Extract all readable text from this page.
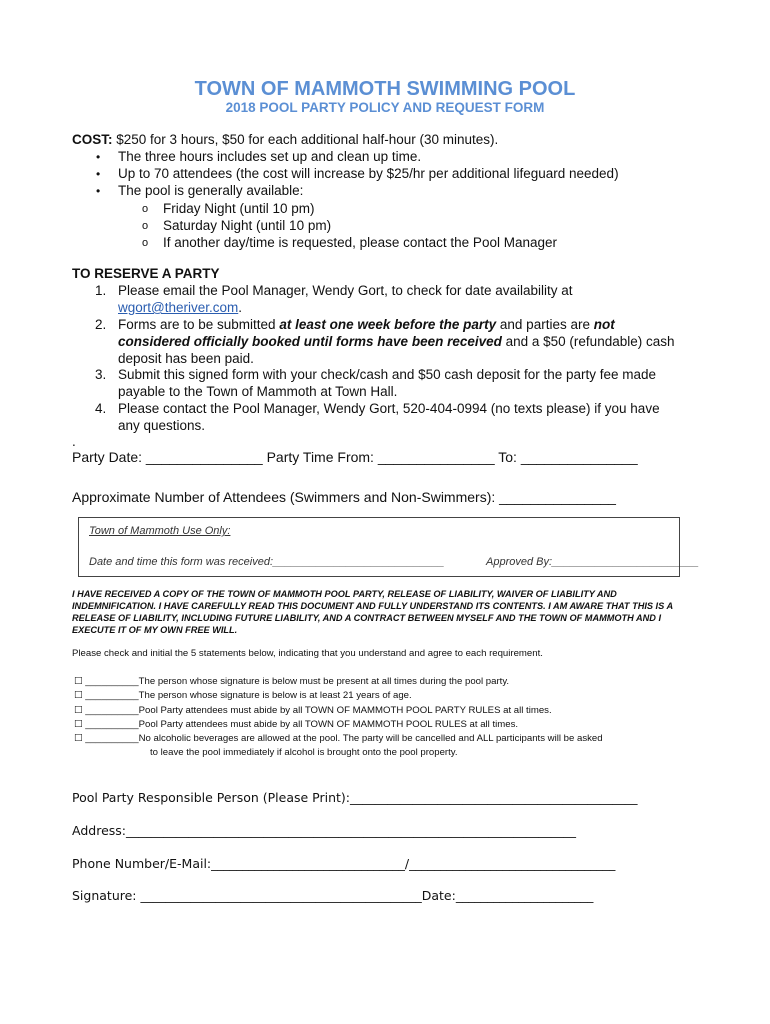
TOWN OF MAMMOTH SWIMMING POOL
2018 POOL PARTY POLICY AND REQUEST FORM
COST: $250 for 3 hours, $50 for each additional half-hour (30 minutes).
• The three hours includes set up and clean up time.
• Up to 70 attendees (the cost will increase by $25/hr per additional lifeguard needed)
• The pool is generally available:
o Friday Night (until 10 pm)
o Saturday Night (until 10 pm)
o If another day/time is requested, please contact the Pool Manager
TO RESERVE A PARTY
1. Please email the Pool Manager, Wendy Gort, to check for date availability at
wgort@theriver.com.
2. Forms are to be submitted at least one week before the party and parties are not
considered officially booked until forms have been received and a $50 (refundable) cash
deposit has been paid.
3. Submit this signed form with your check/cash and $50 cash deposit for the party fee made
payable to the Town of Mammoth at Town Hall.
4. Please contact the Pool Manager, Wendy Gort, 520-404-0994 (no texts please) if you have
any questions.
.
Party Date: _______________ Party Time From: _______________ To: _______________
Approximate Number of Attendees (Swimmers and Non-Swimmers): _______________
Town of Mammoth Use Only:
Date and time this form was received:____________________________	Approved By:________________________
I HAVE RECEIVED A COPY OF THE TOWN OF MAMMOTH POOL PARTY, RELEASE OF LIABILITY, WAIVER OF LIABILITY AND INDEMNIFICATION. I HAVE CAREFULLY READ THIS DOCUMENT AND FULLY UNDERSTAND ITS CONTENTS. I AM AWARE THAT THIS IS A RELEASE OF LIABILITY, INCLUDING FUTURE LIABILITY, AND A CONTRACT BETWEEN MYSELF AND THE TOWN OF MAMMOTH AND I EXECUTE IT OF MY OWN FREE WILL.
Please check and initial the 5 statements below, indicating that you understand and agree to each requirement.
☐ __________The person whose signature is below must be present at all times during the pool party.
☐ __________The person whose signature is below is at least 21 years of age.
☐ __________Pool Party attendees must abide by all TOWN OF MAMMOTH POOL PARTY RULES at all times.
☐ __________Pool Party attendees must abide by all TOWN OF MAMMOTH POOL RULES at all times.
☐ __________No alcoholic beverages are allowed at the pool. The party will be cancelled and ALL participants will be asked
to leave the pool immediately if alcohol is brought onto the pool property.
Pool Party Responsible Person (Please Print):______________________________________________
Address:________________________________________________________________________
Phone Number/E-Mail:_______________________________/_________________________________
Signature: _____________________________________________Date:______________________
